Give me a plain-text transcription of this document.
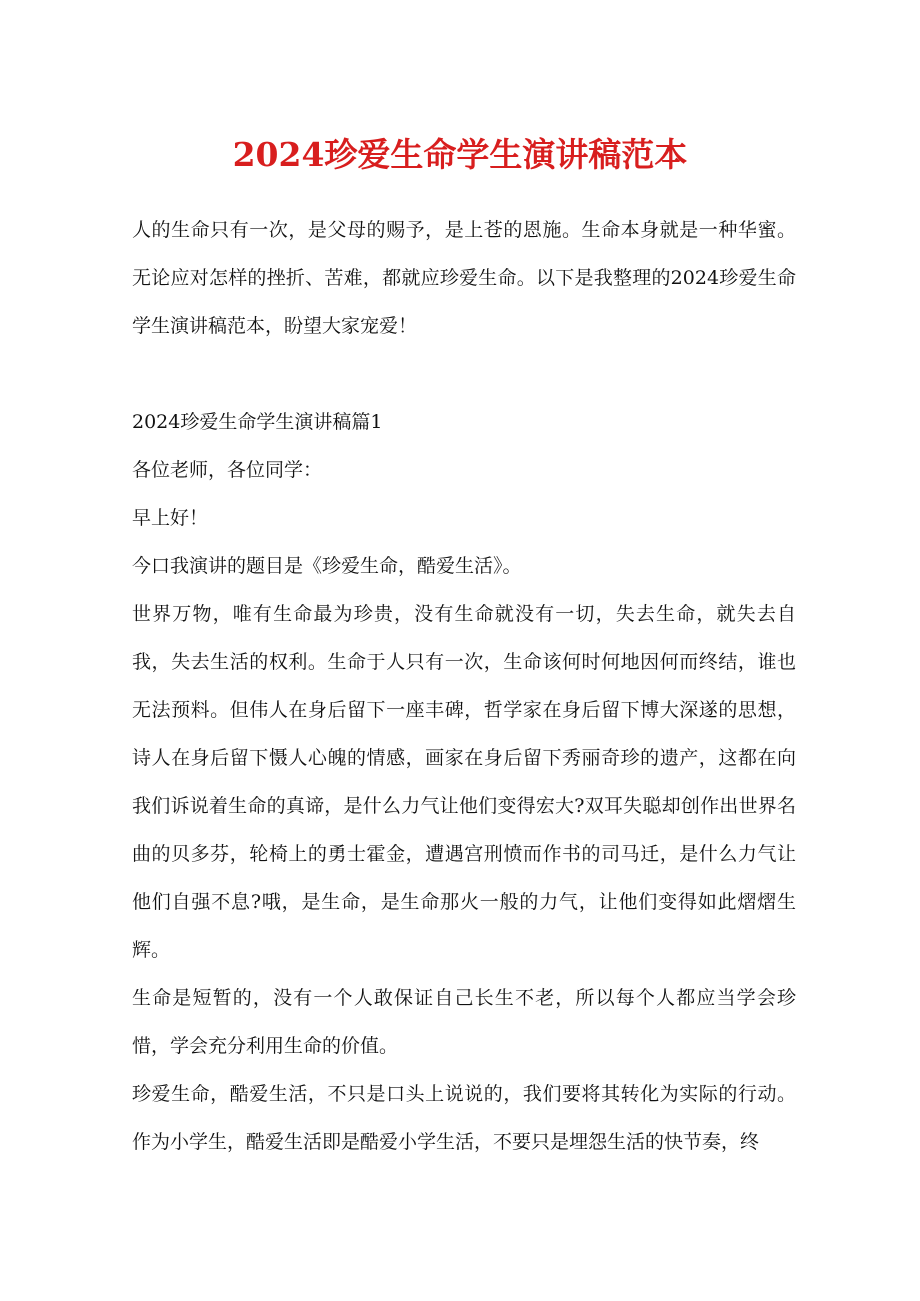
2024珍爱生命学生演讲稿范本

人的生命只有一次，是父母的赐予，是上苍的恩施。生命本身就是一种华蜜。无论应对怎样的挫折、苦难，都就应珍爱生命。以下是我整理的2024珍爱生命学生演讲稿范本，盼望大家宠爱！

2024珍爱生命学生演讲稿篇1

各位老师，各位同学：

早上好！

今口我演讲的题目是《珍爱生命，酷爱生活》。

世界万物，唯有生命最为珍贵，没有生命就没有一切，失去生命，就失去自我，失去生活的权利。生命于人只有一次，生命该何时何地因何而终结，谁也无法预料。但伟人在身后留下一座丰碑，哲学家在身后留下博大深遂的思想，诗人在身后留下慑人心魄的情感，画家在身后留下秀丽奇珍的遗产，这都在向我们诉说着生命的真谛，是什么力气让他们变得宏大?双耳失聪却创作出世界名曲的贝多芬，轮椅上的勇士霍金，遭遇宫刑愤而作书的司马迁，是什么力气让他们自强不息?哦，是生命，是生命那火一般的力气，让他们变得如此熠熠生辉。

生命是短暂的，没有一个人敢保证自己长生不老，所以每个人都应当学会珍惜，学会充分利用生命的价值。

珍爱生命，酷爱生活，不只是口头上说说的，我们要将其转化为实际的行动。作为小学生，酷爱生活即是酷爱小学生活，不要只是埋怨生活的快节奏，终
